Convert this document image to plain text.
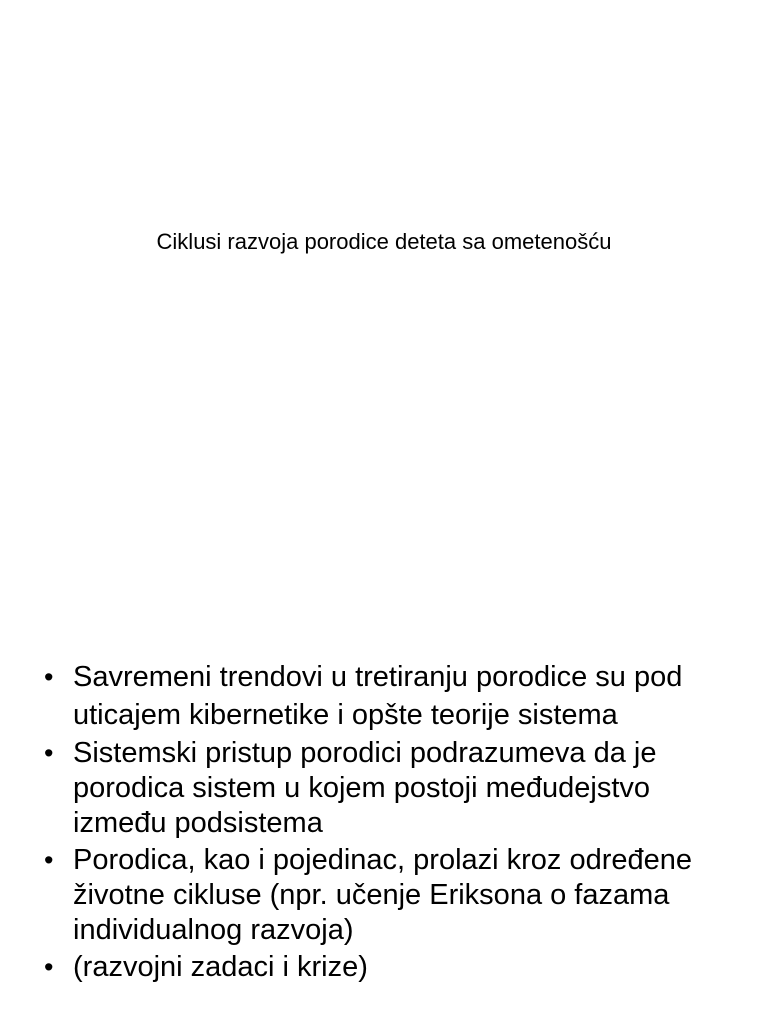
Ciklusi razvoja porodice deteta sa ometenošću
• Savremeni trendovi u tretiranju porodice su pod uticajem kibernetike i opšte teorije sistema
• Sistemski pristup porodici podrazumeva da je porodica sistem u kojem postoji međudejstvo između podsistema
• Porodica, kao i pojedinac, prolazi kroz određene životne cikluse (npr. učenje Eriksona o fazama individualnog razvoja)
• (razvojni zadaci i krize)
